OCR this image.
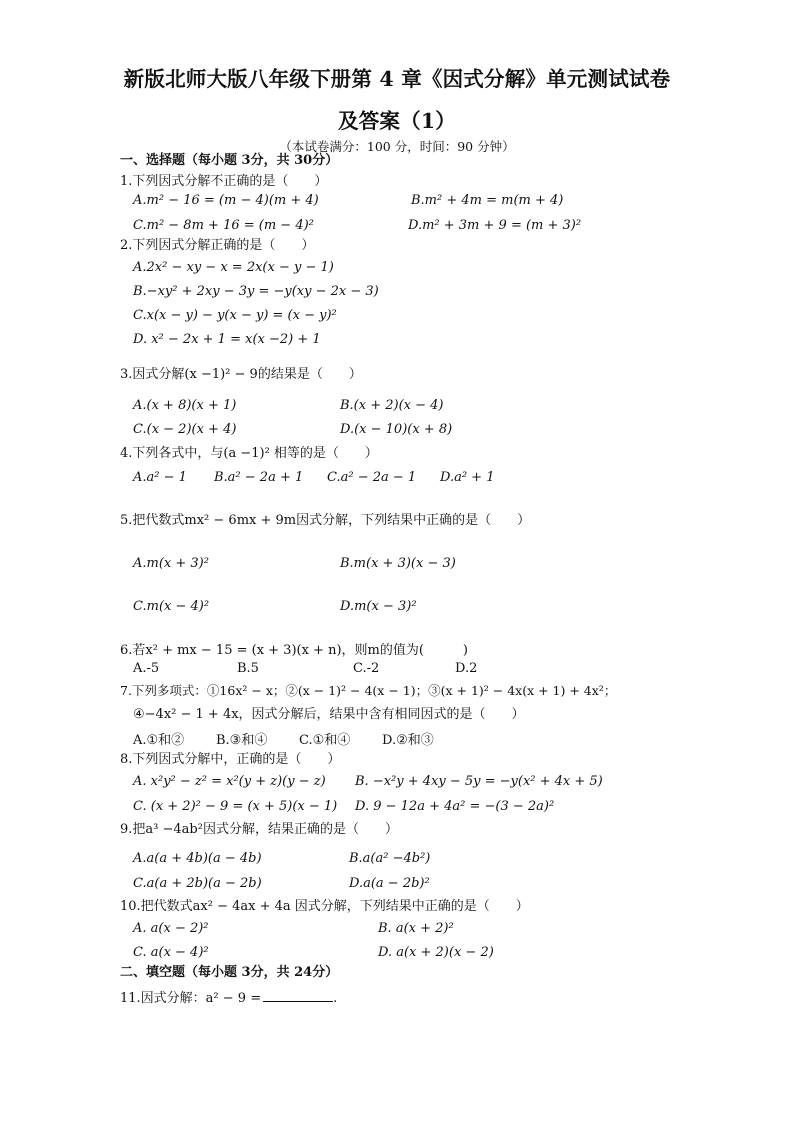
新版北师大版八年级下册第 4 章《因式分解》单元测试试卷
及答案（1）
（本试卷满分：100 分，时间：90 分钟）
一、选择题（每小题 3分，共 30分）
1.下列因式分解不正确的是（　　）
A.m² − 16 = (m − 4)(m + 4)	B.m² + 4m = m(m + 4)
C.m² − 8m + 16 = (m − 4)²	D.m² + 3m + 9 = (m + 3)²
2.下列因式分解正确的是（　　）
A.2x² − xy − x = 2x(x − y − 1)
B.−xy² + 2xy − 3y = −y(xy − 2x − 3)
C.x(x − y) − y(x − y) = (x − y)²
D. x² − 2x + 1 = x(x −2) + 1
3.因式分解(x −1)² − 9的结果是（　　）
A.(x + 8)(x + 1)	B.(x + 2)(x − 4)
C.(x − 2)(x + 4)	D.(x − 10)(x + 8)
4.下列各式中，与(a −1)² 相等的是（　　）
A.a² − 1 B.a² − 2a + 1 C.a² − 2a − 1 D.a² + 1
5.把代数式mx² − 6mx + 9m因式分解，下列结果中正确的是（　　）
A.m(x + 3)²	B.m(x + 3)(x − 3)
C.m(x − 4)²	D.m(x − 3)²
6.若x² + mx − 15 = (x + 3)(x + n)，则m的值为(　　　)
A.-5	B.5	C.-2	D.2
7.下列多项式：①16x² − x；②(x − 1)² − 4(x − 1)；③(x + 1)² − 4x(x + 1) + 4x²；
④−4x² − 1 + 4x，因式分解后，结果中含有相同因式的是（　　）
A.①和② B.③和④ C.①和④ D.②和③
8.下列因式分解中，正确的是（　　）
A. x²y² − z² = x²(y + z)(y − z) B. −x²y + 4xy − 5y = −y(x² + 4x + 5)
C. (x + 2)² − 9 = (x + 5)(x − 1) D. 9 − 12a + 4a² = −(3 − 2a)²
9.把a³ −4ab²因式分解，结果正确的是（　　）
A.a(a + 4b)(a − 4b)	B.a(a² −4b²)
C.a(a + 2b)(a − 2b)	D.a(a − 2b)²
10.把代数式ax² − 4ax + 4a 因式分解，下列结果中正确的是（　　）
A. a(x − 2)²	B. a(x + 2)²
C. a(x − 4)²	D. a(x + 2)(x − 2)
二、填空题（每小题 3分，共 24分）
11.因式分解：a² − 9 =	.
